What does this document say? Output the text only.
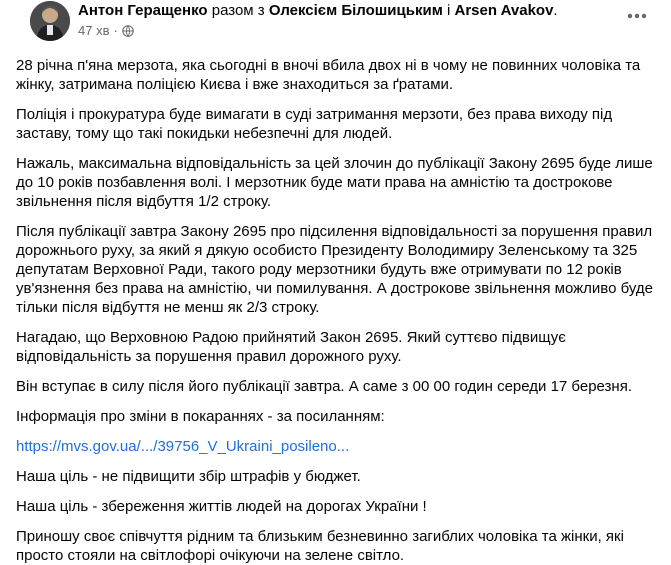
Антон Геращенко разом з Олексієм Білошицьким і Arsen Avakov.
47 хв ·

28 річна п'яна мерзота, яка сьогодні в вночі вбила двох ні в чому не повинних чоловіка та жінку, затримана поліцією Києва і вже знаходиться за ґратами.

Поліція і прокуратура буде вимагати в суді затримання мерзоти, без права виходу під заставу, тому що такі покидьки небезпечні для людей.

Нажаль, максимальна відповідальність за цей злочин до публікації Закону 2695 буде лише до 10 років позбавлення волі. І мерзотник буде мати права на амністію та дострокове звільнення після відбуття 1/2 строку.

Після публікації завтра Закону 2695 про підсилення відповідальності за порушення правил дорожнього руху, за який я дякую особисто Президенту Володимиру Зеленському та 325 депутатам Верховної Ради, такого роду мерзотники будуть вже отримувати по 12 років ув'язнення без права на амністію, чи помилування. А дострокове звільнення можливо буде тільки після відбуття не менш як 2/3 строку.

Нагадаю, що Верховною Радою прийнятий Закон 2695. Який суттєво підвищує відповідальність за порушення правил дорожного руху.

Він вступає в силу після його публікації завтра. А саме з 00 00 годин середи 17 березня.

Інформація про зміни в покараннях - за посиланням:

https://mvs.gov.ua/.../39756_V_Ukraini_posileno...

Наша ціль - не підвищити збір штрафів у бюджет.

Наша ціль - збереження життів людей на дорогах України !

Приношу своє співчуття рідним та близьким безневинно загиблих чоловіка та жінки, які просто стояли на світлофорі очікуючи на зелене світло.
